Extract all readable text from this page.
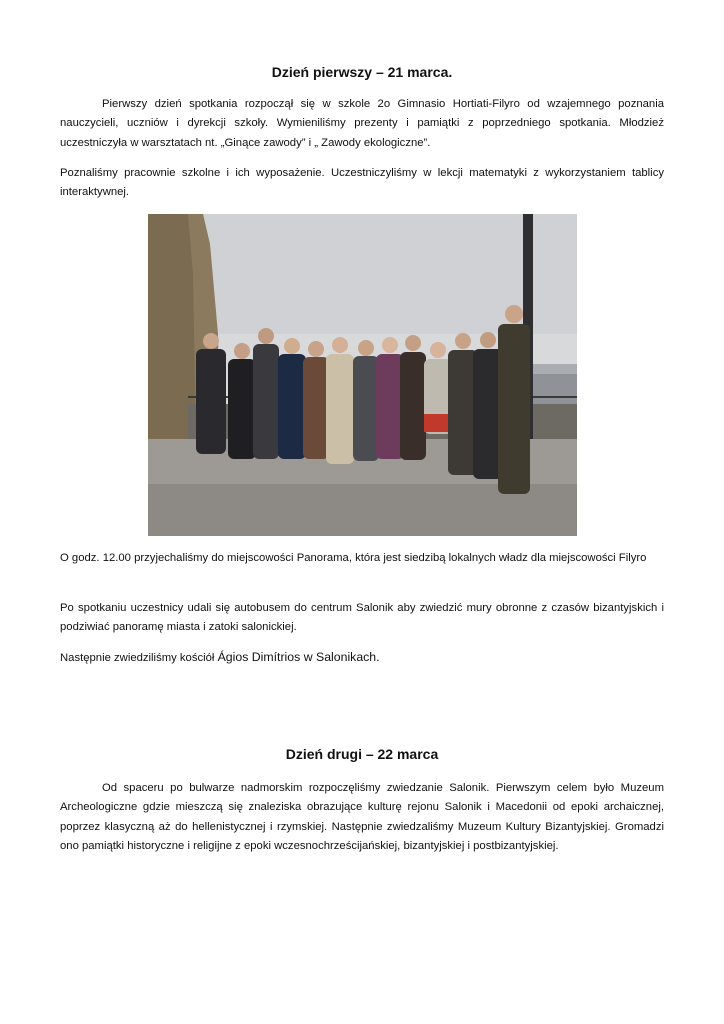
Dzień pierwszy – 21 marca.

Pierwszy dzień spotkania rozpoczął się w szkole 2o Gimnasio Hortiati-Filyro od wzajemnego poznania nauczycieli, uczniów i dyrekcji szkoły. Wymieniliśmy prezenty i pamiątki z poprzedniego spotkania. Młodzież uczestniczyła w warsztatach nt. „Ginące zawody” i „ Zawody ekologiczne”.

Poznaliśmy pracownie szkolne i ich wyposażenie. Uczestniczyliśmy w lekcji matematyki z wykorzystaniem tablicy interaktywnej.

O godz. 12.00 przyjechaliśmy do miejscowości Panorama, która jest siedzibą lokalnych władz dla miejscowości Filyro

Po spotkaniu uczestnicy udali się autobusem do centrum Salonik aby zwiedzić mury obronne z czasów bizantyjskich i podziwiać panoramę miasta i zatoki salonickiej.

Następnie zwiedziliśmy kościół Ágios Dimítrios w Salonikach.

Dzień drugi – 22 marca

Od spaceru po bulwarze nadmorskim rozpoczęliśmy zwiedzanie Salonik. Pierwszym celem było Muzeum Archeologiczne gdzie mieszczą się znaleziska obrazujące kulturę rejonu Salonik i Macedonii od epoki archaicznej, poprzez klasyczną aż do hellenistycznej i rzymskiej. Następnie zwiedzaliśmy Muzeum Kultury Bizantyjskiej. Gromadzi ono pamiątki historyczne i religijne z epoki wczesnochrześcijańskiej, bizantyjskiej i postbizantyjskiej.
